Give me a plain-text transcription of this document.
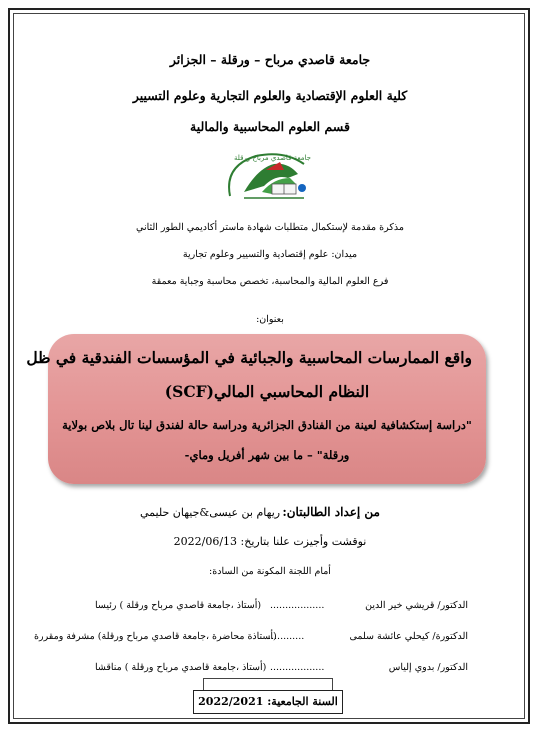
جامعة قاصدي مرباح – ورقلة – الجزائر
كلية العلوم الإقتصادية والعلوم التجارية وعلوم التسيير
قسم العلوم المحاسبية والمالية
جامعة قاصدي مرباح ورقلة
مذكرة مقدمة لإستكمال متطلبات شهادة ماستر أكاديمي الطور الثاني
ميدان: علوم إقتصادية والتسيير وعلوم تجارية
فرع العلوم المالية والمحاسبة، تخصص محاسبة وجباية معمقة
بعنوان:
واقع الممارسات المحاسبية والجبائية في المؤسسات الفندقية في ظل
النظام المحاسبي المالي(SCF)
"دراسة إستكشافية لعينة من الفنادق الجزائرية ودراسة حالة لفندق لينا تال بلاص بولاية
ورقلة" – ما بين شهر أفريل وماي-
من إعداد الطالبتان:
ريهام بن عيسى&جيهان حليمي
نوقشت وأجيزت علنا بتاريخ: 2022/06/13
أمام اللجنة المكونة من السادة:
الدكتور/ قريشي خير الدين
..................
(أستاذ ،جامعة قاصدي مرباح ورقلة ) رئيسا
الدكتورة/ كيحلي عائشة سلمى
............
(أستاذة محاضرة ،جامعة قاصدي مرباح ورقلة) مشرفة ومقررة
الدكتور/ بدوي إلياس
..................
(أستاذ ،جامعة قاصدي مرباح ورقلة ) مناقشا
السنة الجامعية: 2022/2021
